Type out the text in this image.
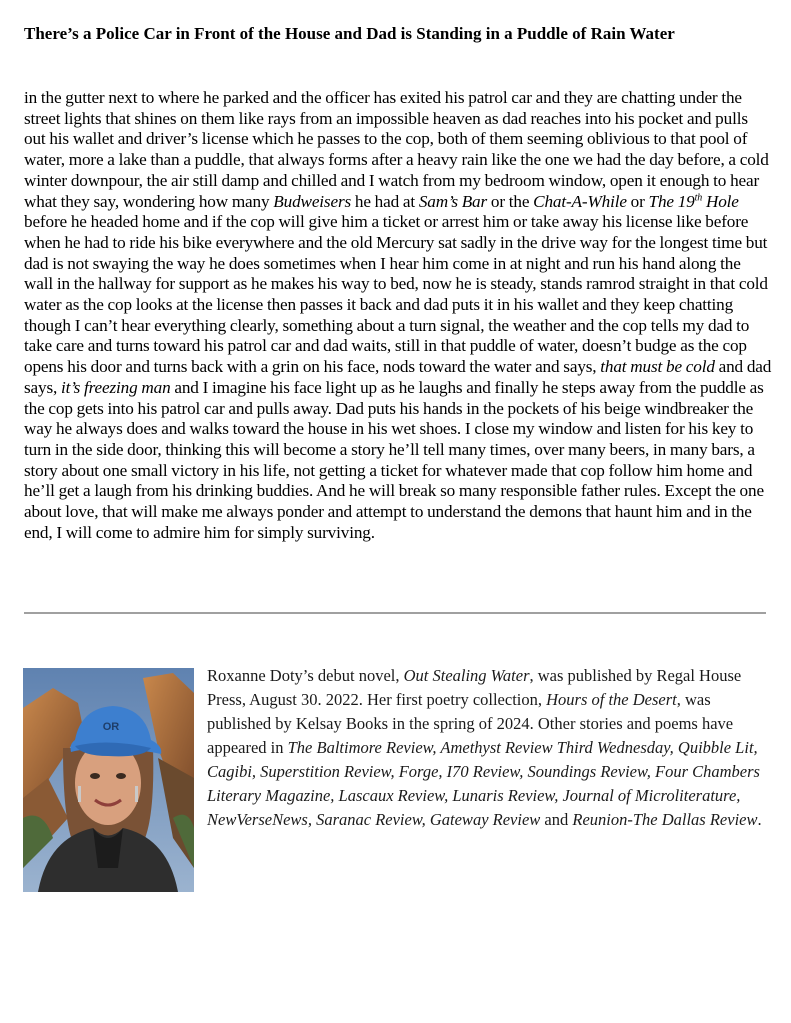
There’s a Police Car in Front of the House and Dad is Standing in a Puddle of Rain Water

in the gutter next to where he parked and the officer has exited his patrol car and they are chatting under the street lights that shines on them like rays from an impossible heaven as dad reaches into his pocket and pulls out his wallet and driver’s license which he passes to the cop, both of them seeming oblivious to that pool of water, more a lake than a puddle, that always forms after a heavy rain like the one we had the day before, a cold winter downpour, the air still damp and chilled and I watch from my bedroom window, open it enough to hear what they say, wondering how many Budweisers he had at Sam’s Bar or the Chat-A-While or The 19th Hole before he headed home and if the cop will give him a ticket or arrest him or take away his license like before when he had to ride his bike everywhere and the old Mercury sat sadly in the drive way for the longest time but dad is not swaying the way he does sometimes when I hear him come in at night and run his hand along the wall in the hallway for support as he makes his way to bed, now he is steady, stands ramrod straight in that cold water as the cop looks at the license then passes it back and dad puts it in his wallet and they keep chatting though I can’t hear everything clearly, something about a turn signal, the weather and the cop tells my dad to take care and turns toward his patrol car and dad waits, still in that puddle of water, doesn’t budge as the cop opens his door and turns back with a grin on his face, nods toward the water and says, that must be cold and dad says, it’s freezing man and I imagine his face light up as he laughs and finally he steps away from the puddle as the cop gets into his patrol car and pulls away. Dad puts his hands in the pockets of his beige windbreaker the way he always does and walks toward the house in his wet shoes. I close my window and listen for his key to turn in the side door, thinking this will become a story he’ll tell many times, over many beers, in many bars, a story about one small victory in his life, not getting a ticket for whatever made that cop follow him home and he’ll get a laugh from his drinking buddies. And he will break so many responsible father rules. Except the one about love, that will make me always ponder and attempt to understand the demons that haunt him and in the end, I will come to admire him for simply surviving.

OR

Roxanne Doty’s debut novel, Out Stealing Water, was published by Regal House Press, August 30. 2022. Her first poetry collection, Hours of the Desert, was published by Kelsay Books in the spring of 2024. Other stories and poems have appeared in The Baltimore Review, Amethyst Review Third Wednesday, Quibble Lit, Cagibi, Superstition Review, Forge, I70 Review, Soundings Review, Four Chambers Literary Magazine, Lascaux Review, Lunaris Review, Journal of Microliterature, NewVerseNews, Saranac Review, Gateway Review and Reunion-The Dallas Review.
